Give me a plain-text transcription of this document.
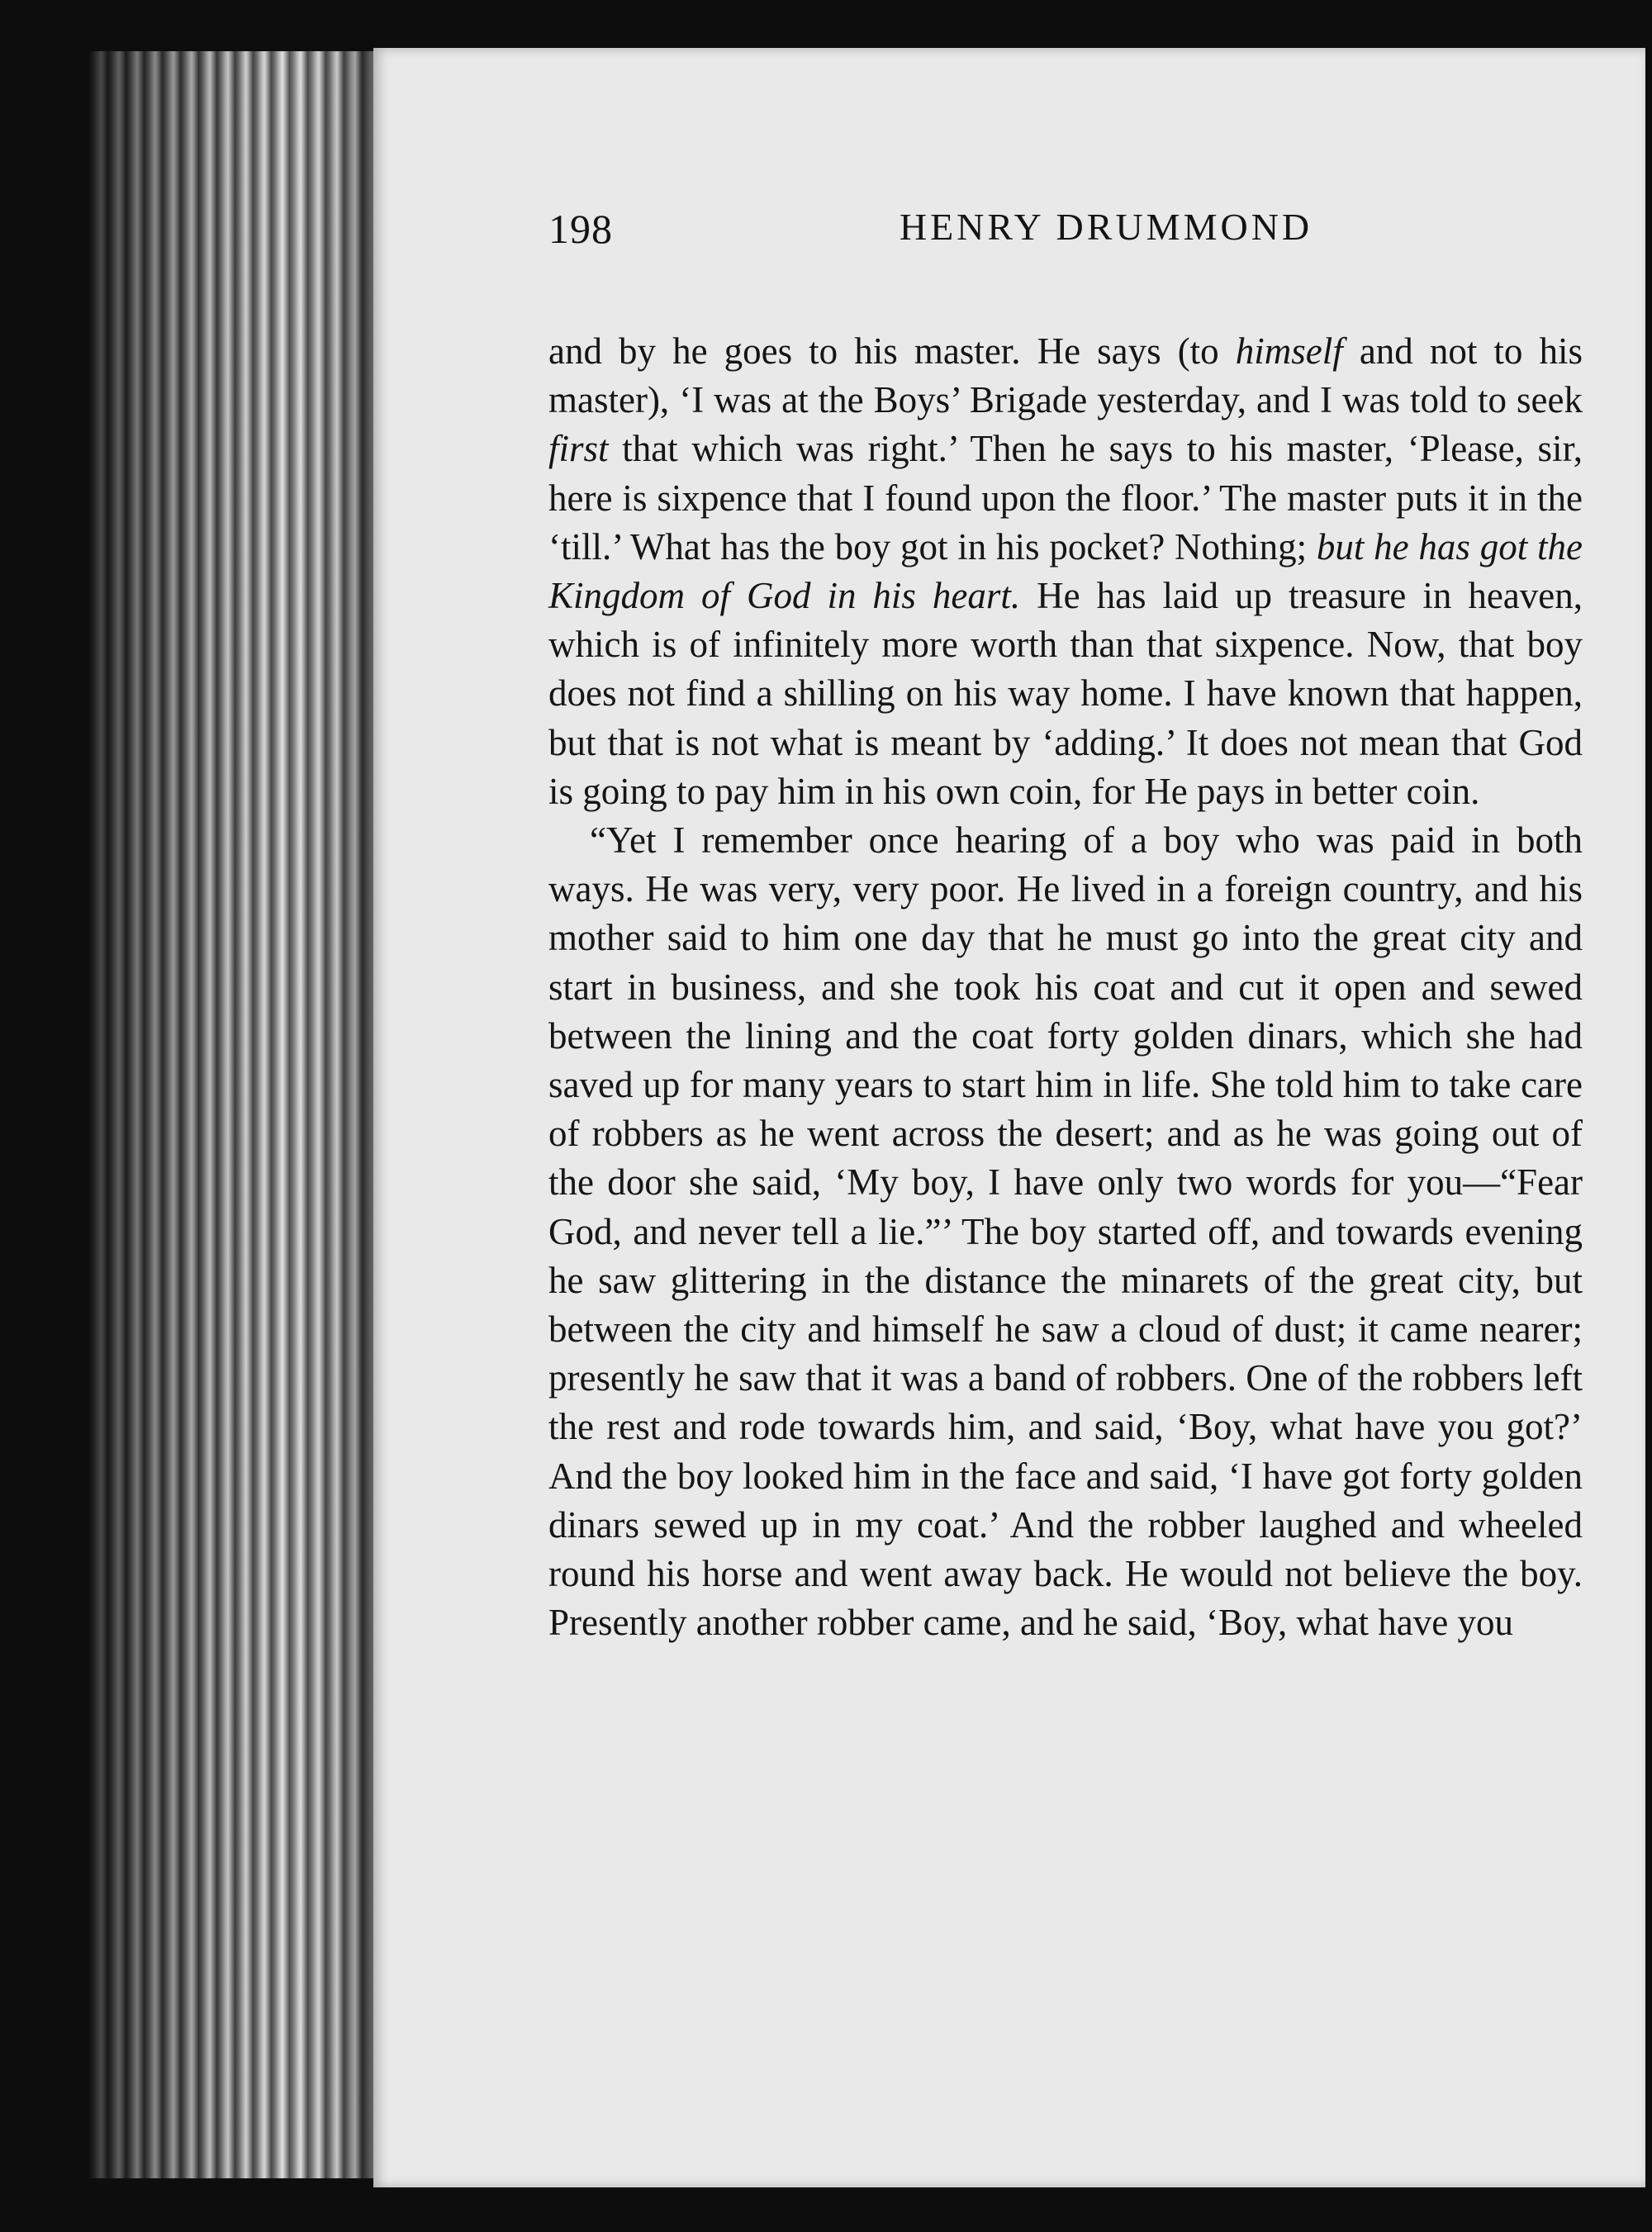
198	HENRY DRUMMOND

and by he goes to his master. He says (to himself and not to his master), ‘I was at the Boys’ Brigade yesterday, and I was told to seek first that which was right.’ Then he says to his master, ‘Please, sir, here is sixpence that I found upon the floor.’ The master puts it in the ‘till.’ What has the boy got in his pocket? Nothing; but he has got the Kingdom of God in his heart. He has laid up treasure in heaven, which is of infinitely more worth than that sixpence. Now, that boy does not find a shilling on his way home. I have known that happen, but that is not what is meant by ‘adding.’ It does not mean that God is going to pay him in his own coin, for He pays in better coin.

“Yet I remember once hearing of a boy who was paid in both ways. He was very, very poor. He lived in a foreign country, and his mother said to him one day that he must go into the great city and start in business, and she took his coat and cut it open and sewed between the lining and the coat forty golden dinars, which she had saved up for many years to start him in life. She told him to take care of robbers as he went across the desert; and as he was going out of the door she said, ‘My boy, I have only two words for you—“Fear God, and never tell a lie.”’ The boy started off, and towards evening he saw glittering in the distance the minarets of the great city, but between the city and himself he saw a cloud of dust; it came nearer; presently he saw that it was a band of robbers. One of the robbers left the rest and rode towards him, and said, ‘Boy, what have you got?’ And the boy looked him in the face and said, ‘I have got forty golden dinars sewed up in my coat.’ And the robber laughed and wheeled round his horse and went away back. He would not believe the boy. Presently another robber came, and he said, ‘Boy, what have you
